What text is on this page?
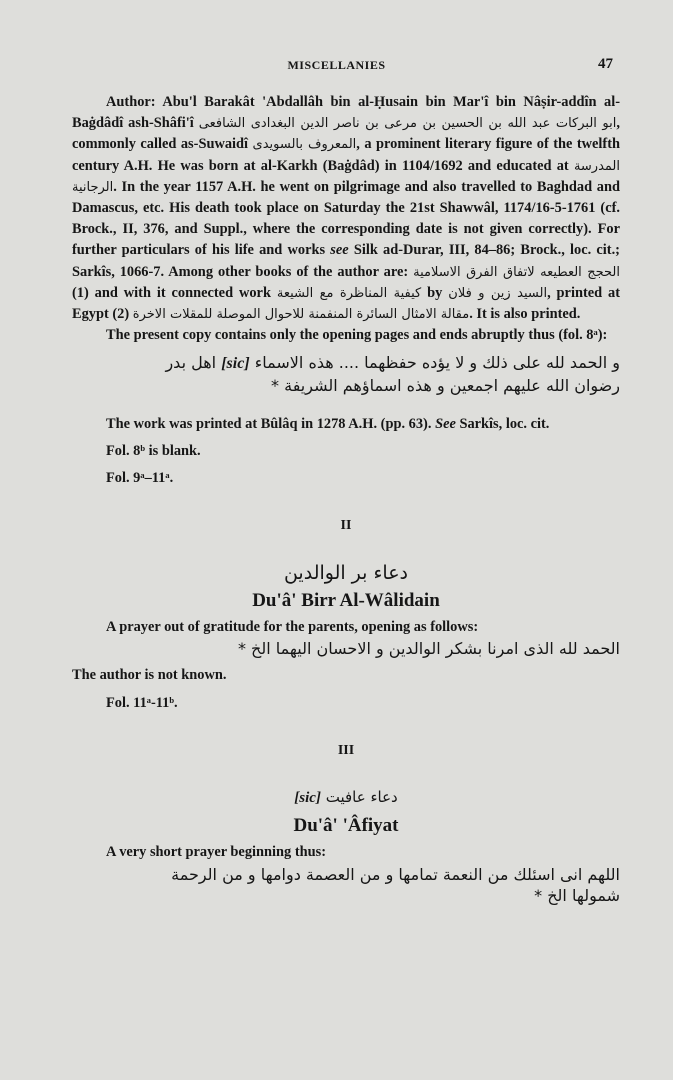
MISCELLANIES	47

Author: Abu'l Barakât 'Abdallâh bin al-Ḥusain bin Mar'î bin Nâṣir-addîn al-Baġdâdî ash-Shâfi'î ابو البركات عبد الله بن الحسين بن مرعى بن ناصر الدين البغدادى الشافعى, commonly called as-Suwaidî المعروف بالسويدى, a prominent literary figure of the twelfth century A.H. He was born at al-Karkh (Baġdâd) in 1104/1692 and educated at المدرسة الرجانية. In the year 1157 A.H. he went on pilgrimage and also travelled to Baghdad and Damascus, etc. His death took place on Saturday the 21st Shawwâl, 1174/16-5-1761 (cf. Brock., II, 376, and Suppl., where the corresponding date is not given correctly). For further particulars of his life and works see Silk ad-Durar, III, 84–86; Brock., loc. cit.; Sarkîs, 1066-7. Among other books of the author are: الحجج العطيعه لاتفاق الفرق الاسلامية (1) and with it connected work كيفية المناظرة مع الشيعة by السيد زين و فلان, printed at Egypt (2) مقالة الامثال السائرة المنفمنة للاحوال الموصلة للمقلات الاخرة. It is also printed.

The present copy contains only the opening pages and ends abruptly thus (fol. 8ᵃ):

و الحمد لله على ذلك و لا يؤده حفظهما .... هذه الاسماء [sic] اهل بدر

رضوان الله عليهم اجمعين و هذه اسماؤهم الشريفة *

The work was printed at Bûlâq in 1278 A.H. (pp. 63). See Sarkîs, loc. cit.

Fol. 8ᵇ is blank.

Fol. 9ᵃ–11ᵃ.

II

دعاء بر الوالدين

Du'â' Birr Al-Wâlidain

A prayer out of gratitude for the parents, opening as follows:

الحمد لله الذى امرنا بشكر الوالدين و الاحسان اليهما الخ *

The author is not known.

Fol. 11ᵃ-11ᵇ.

III

دعاء عافيت [sic]

Du'â' 'Âfiyat

A very short prayer beginning thus:

اللهم انى اسئلك من النعمة تمامها و من العصمة دوامها و من الرحمة

شمولها الخ *
